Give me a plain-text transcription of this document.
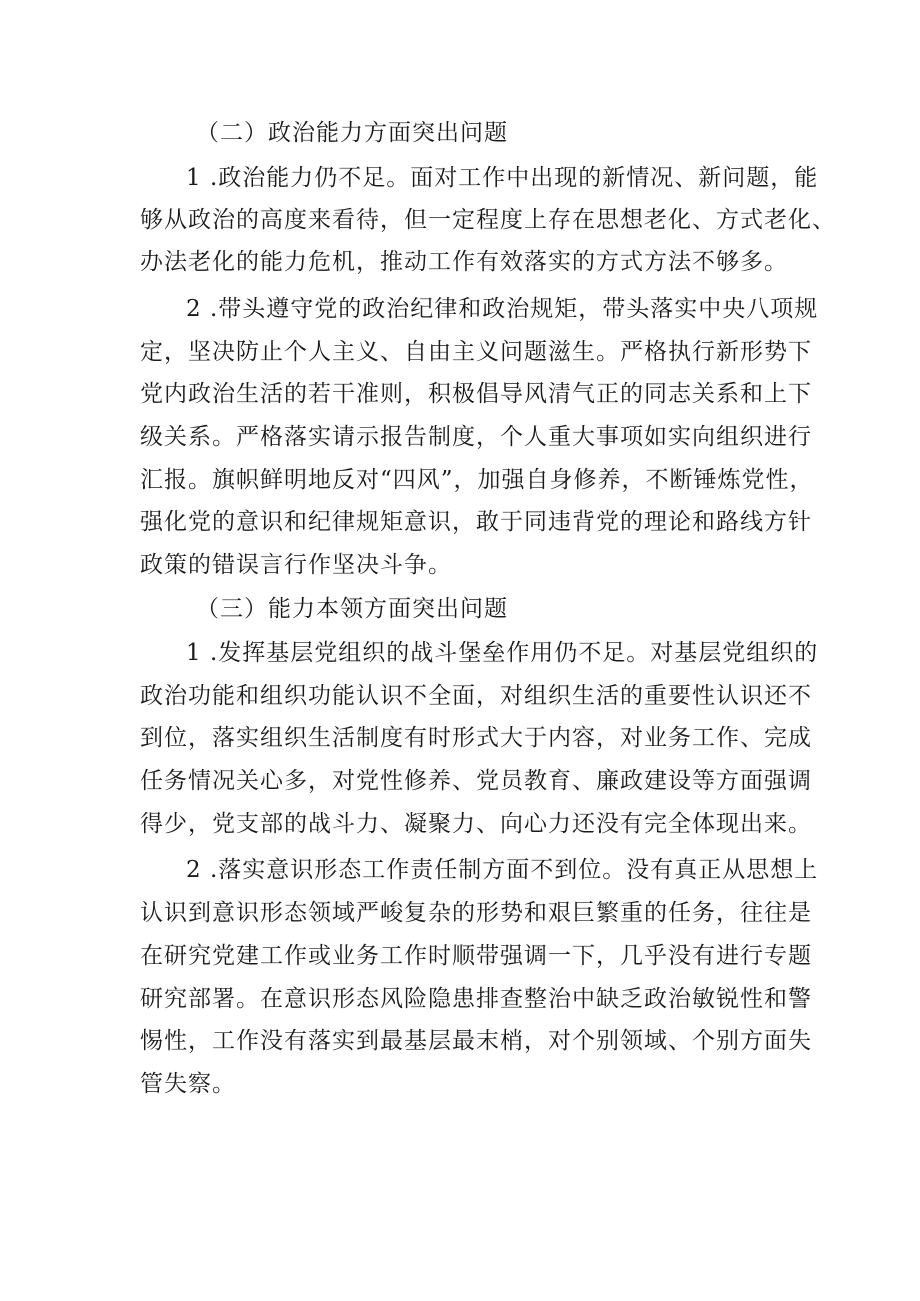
（二）政治能力方面突出问题

1 .政治能力仍不足。面对工作中出现的新情况、新问题，能

够从政治的高度来看待，但一定程度上存在思想老化、方式老化、

办法老化的能力危机，推动工作有效落实的方式方法不够多。

2 .带头遵守党的政治纪律和政治规矩，带头落实中央八项规

定，坚决防止个人主义、自由主义问题滋生。严格执行新形势下

党内政治生活的若干准则，积极倡导风清气正的同志关系和上下

级关系。严格落实请示报告制度，个人重大事项如实向组织进行

汇报。旗帜鲜明地反对“四风”，加强自身修养，不断锤炼党性，

强化党的意识和纪律规矩意识，敢于同违背党的理论和路线方针

政策的错误言行作坚决斗争。

（三）能力本领方面突出问题

1 .发挥基层党组织的战斗堡垒作用仍不足。对基层党组织的

政治功能和组织功能认识不全面，对组织生活的重要性认识还不

到位，落实组织生活制度有时形式大于内容，对业务工作、完成

任务情况关心多，对党性修养、党员教育、廉政建设等方面强调

得少，党支部的战斗力、凝聚力、向心力还没有完全体现出来。

2 .落实意识形态工作责任制方面不到位。没有真正从思想上

认识到意识形态领域严峻复杂的形势和艰巨繁重的任务，往往是

在研究党建工作或业务工作时顺带强调一下，几乎没有进行专题

研究部署。在意识形态风险隐患排查整治中缺乏政治敏锐性和警

惕性，工作没有落实到最基层最末梢，对个别领域、个别方面失

管失察。
